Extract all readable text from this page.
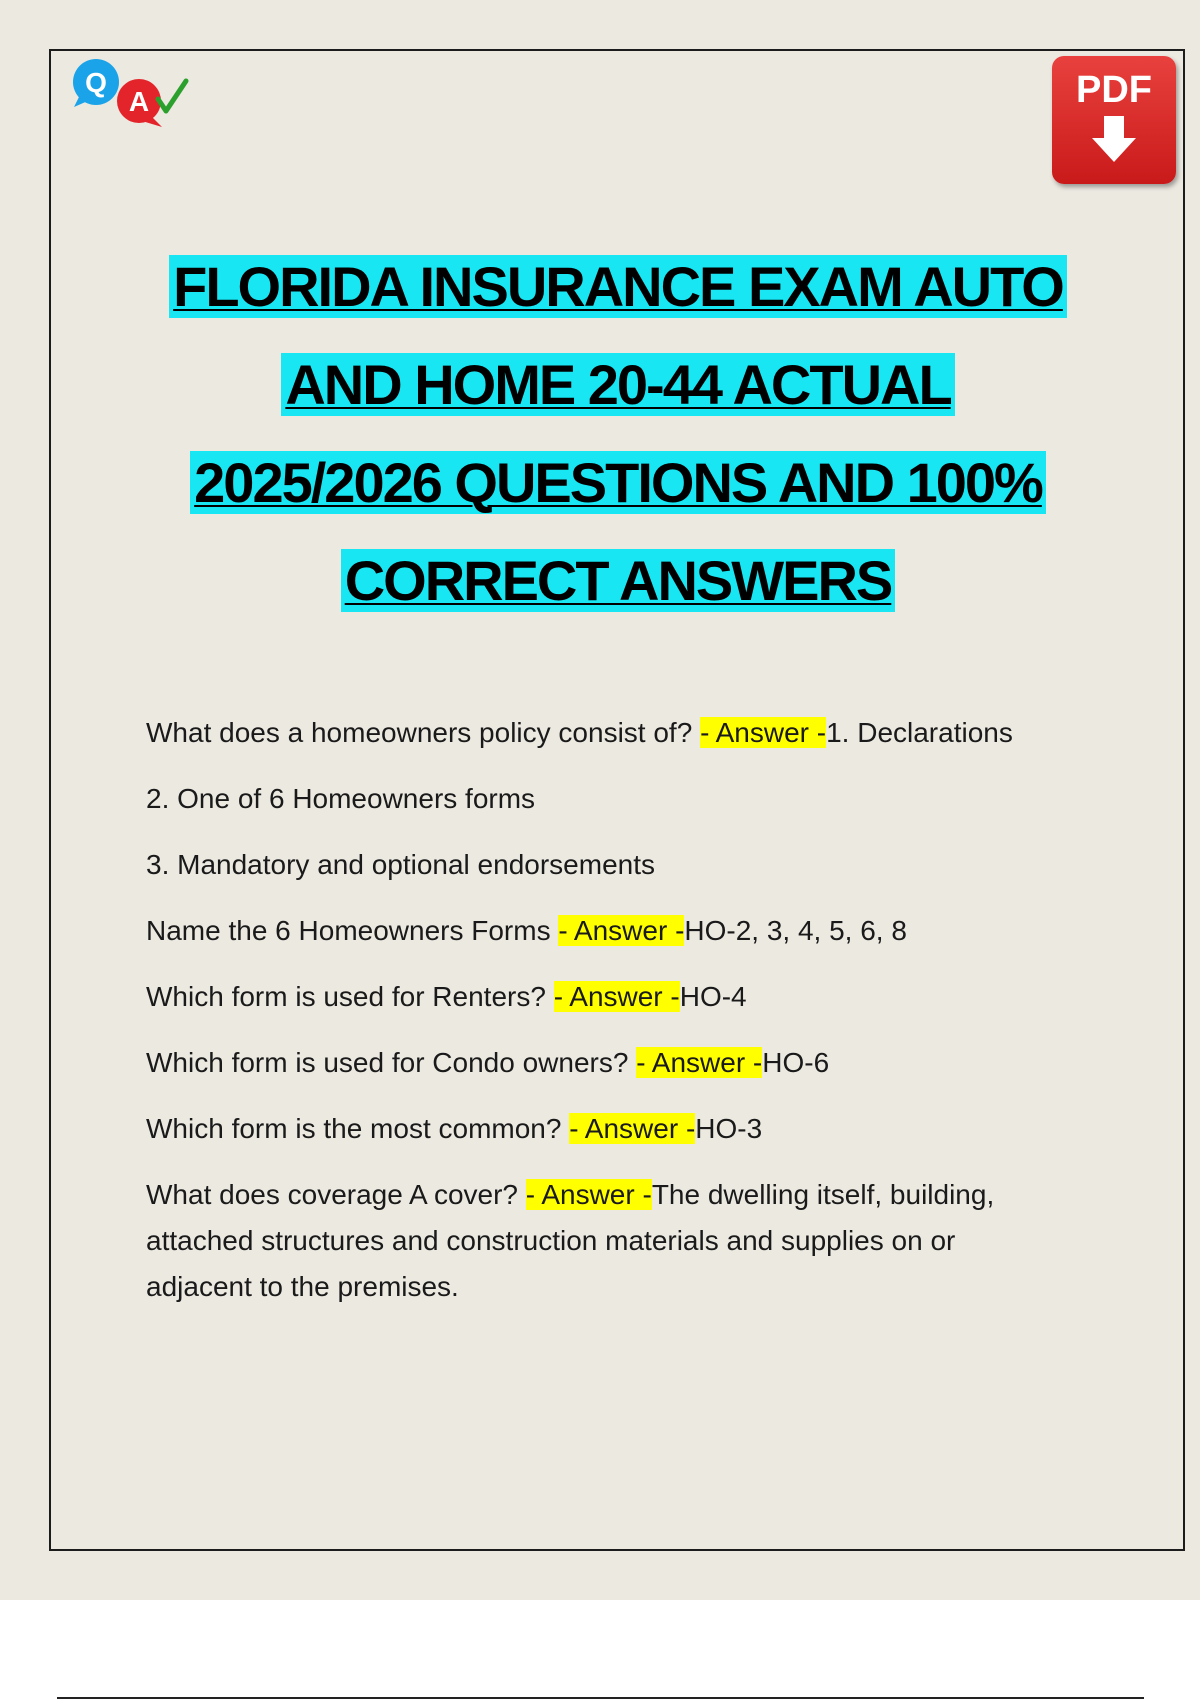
Q
A	PDF
FLORIDA INSURANCE EXAM AUTO
AND HOME 20-44 ACTUAL
2025/2026 QUESTIONS AND 100%
CORRECT ANSWERS
What does a homeowners policy consist of? - Answer -1. Declarations
2. One of 6 Homeowners forms
3. Mandatory and optional endorsements
Name the 6 Homeowners Forms - Answer -HO-2, 3, 4, 5, 6, 8
Which form is used for Renters? - Answer -HO-4
Which form is used for Condo owners? - Answer -HO-6
Which form is the most common? - Answer -HO-3
What does coverage A cover? - Answer -The dwelling itself, building,
attached structures and construction materials and supplies on or
adjacent to the premises.
